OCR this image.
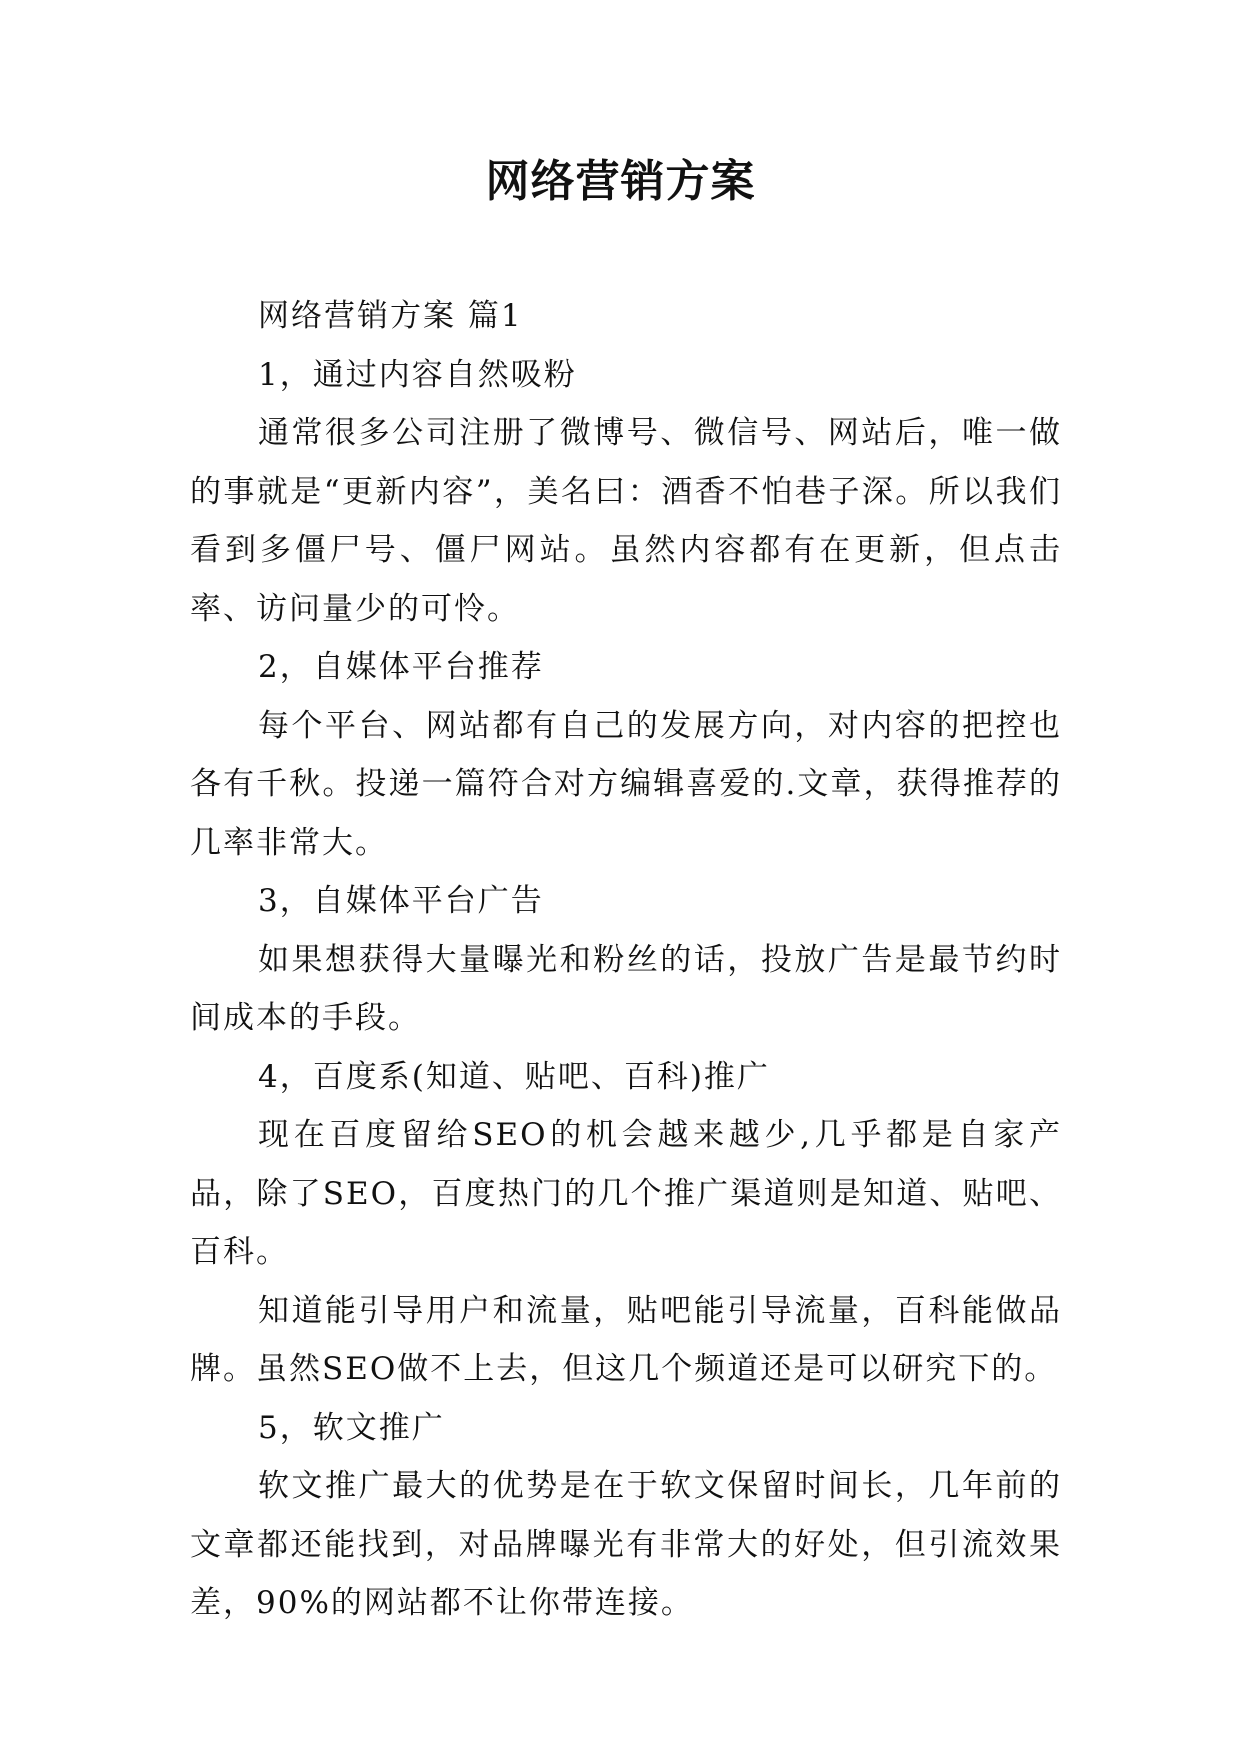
网络营销方案

网络营销方案 篇1

1，通过内容自然吸粉

通常很多公司注册了微博号、微信号、网站后，唯一做的事就是“更新内容”，美名曰：酒香不怕巷子深。所以我们看到多僵尸号、僵尸网站。虽然内容都有在更新，但点击率、访问量少的可怜。

2，自媒体平台推荐

每个平台、网站都有自己的发展方向，对内容的把控也各有千秋。投递一篇符合对方编辑喜爱的.文章，获得推荐的几率非常大。

3，自媒体平台广告

如果想获得大量曝光和粉丝的话，投放广告是最节约时间成本的手段。

4，百度系(知道、贴吧、百科)推广

现在百度留给SEO的机会越来越少,几乎都是自家产品，除了SEO，百度热门的几个推广渠道则是知道、贴吧、百科。

知道能引导用户和流量，贴吧能引导流量，百科能做品牌。虽然SEO做不上去，但这几个频道还是可以研究下的。

5，软文推广

软文推广最大的优势是在于软文保留时间长，几年前的文章都还能找到，对品牌曝光有非常大的好处，但引流效果差，90%的网站都不让你带连接。
